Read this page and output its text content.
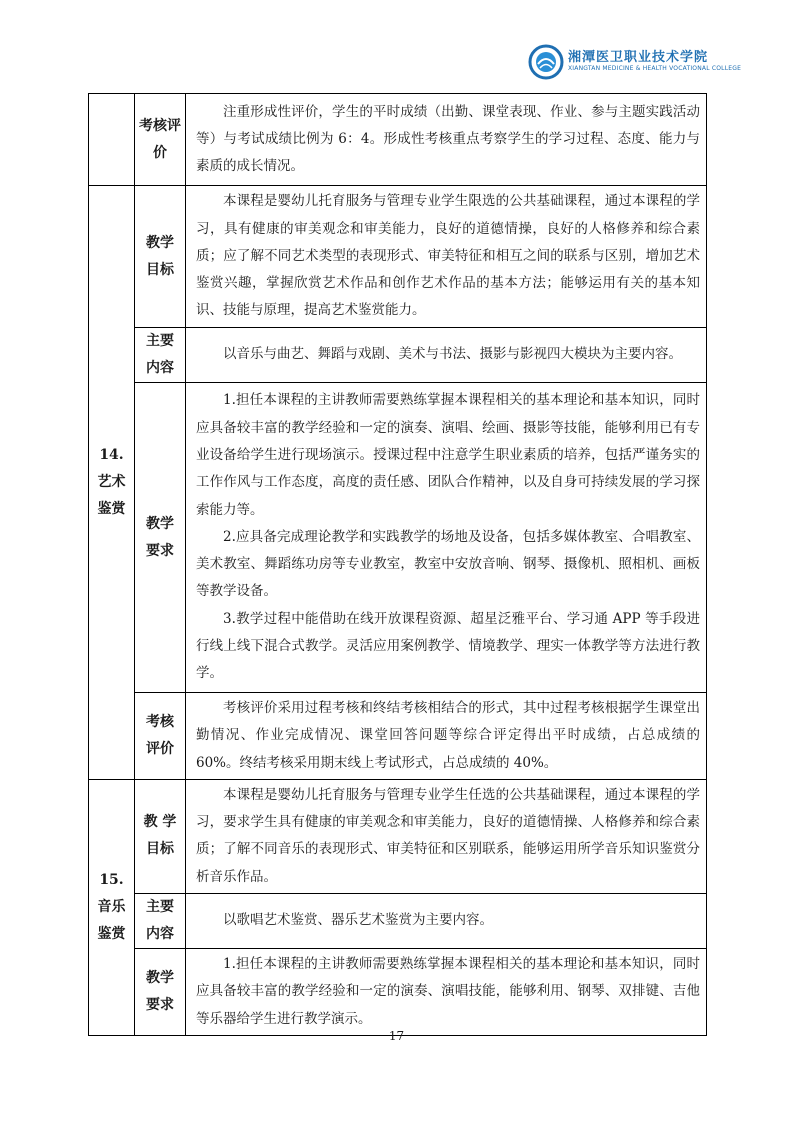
湘潭医卫职业技术学院
XIANGTAN MEDICINE & HEALTH VOCATIONAL COLLEGE
	考核评价	注重形成性评价，学生的平时成绩（出勤、课堂表现、作业、参与主题实践活动等）与考试成绩比例为 6：4。形成性考核重点考察学生的学习过程、态度、能力与素质的成长情况。

14.
艺术鉴赏	教学目标	本课程是婴幼儿托育服务与管理专业学生限选的公共基础课程，通过本课程的学习，具有健康的审美观念和审美能力，良好的道德情操，良好的人格修养和综合素质；应了解不同艺术类型的表现形式、审美特征和相互之间的联系与区别，增加艺术鉴赏兴趣，掌握欣赏艺术作品和创作艺术作品的基本方法；能够运用有关的基本知识、技能与原理，提高艺术鉴赏能力。

	主要内容	以音乐与曲艺、舞蹈与戏剧、美术与书法、摄影与影视四大模块为主要内容。

	教学要求	1.担任本课程的主讲教师需要熟练掌握本课程相关的基本理论和基本知识，同时应具备较丰富的教学经验和一定的演奏、演唱、绘画、摄影等技能，能够利用已有专业设备给学生进行现场演示。授课过程中注意学生职业素质的培养，包括严谨务实的工作作风与工作态度，高度的责任感、团队合作精神，以及自身可持续发展的学习探索能力等。

2.应具备完成理论教学和实践教学的场地及设备，包括多媒体教室、合唱教室、美术教室、舞蹈练功房等专业教室，教室中安放音响、钢琴、摄像机、照相机、画板等教学设备。

3.教学过程中能借助在线开放课程资源、超星泛雅平台、学习通 APP 等手段进行线上线下混合式教学。灵活应用案例教学、情境教学、理实一体教学等方法进行教学。

	考核评价	考核评价采用过程考核和终结考核相结合的形式，其中过程考核根据学生课堂出勤情况、作业完成情况、课堂回答问题等综合评定得出平时成绩，占总成绩的 60%。终结考核采用期末线上考试形式，占总成绩的 40%。

15.
音乐鉴赏	教 学目标	本课程是婴幼儿托育服务与管理专业学生任选的公共基础课程，通过本课程的学习，要求学生具有健康的审美观念和审美能力，良好的道德情操、人格修养和综合素质；了解不同音乐的表现形式、审美特征和区别联系，能够运用所学音乐知识鉴赏分析音乐作品。

	主要内容	以歌唱艺术鉴赏、器乐艺术鉴赏为主要内容。

	教学要求	1.担任本课程的主讲教师需要熟练掌握本课程相关的基本理论和基本知识，同时应具备较丰富的教学经验和一定的演奏、演唱技能，能够利用、钢琴、双排键、吉他等乐器给学生进行教学演示。

17
